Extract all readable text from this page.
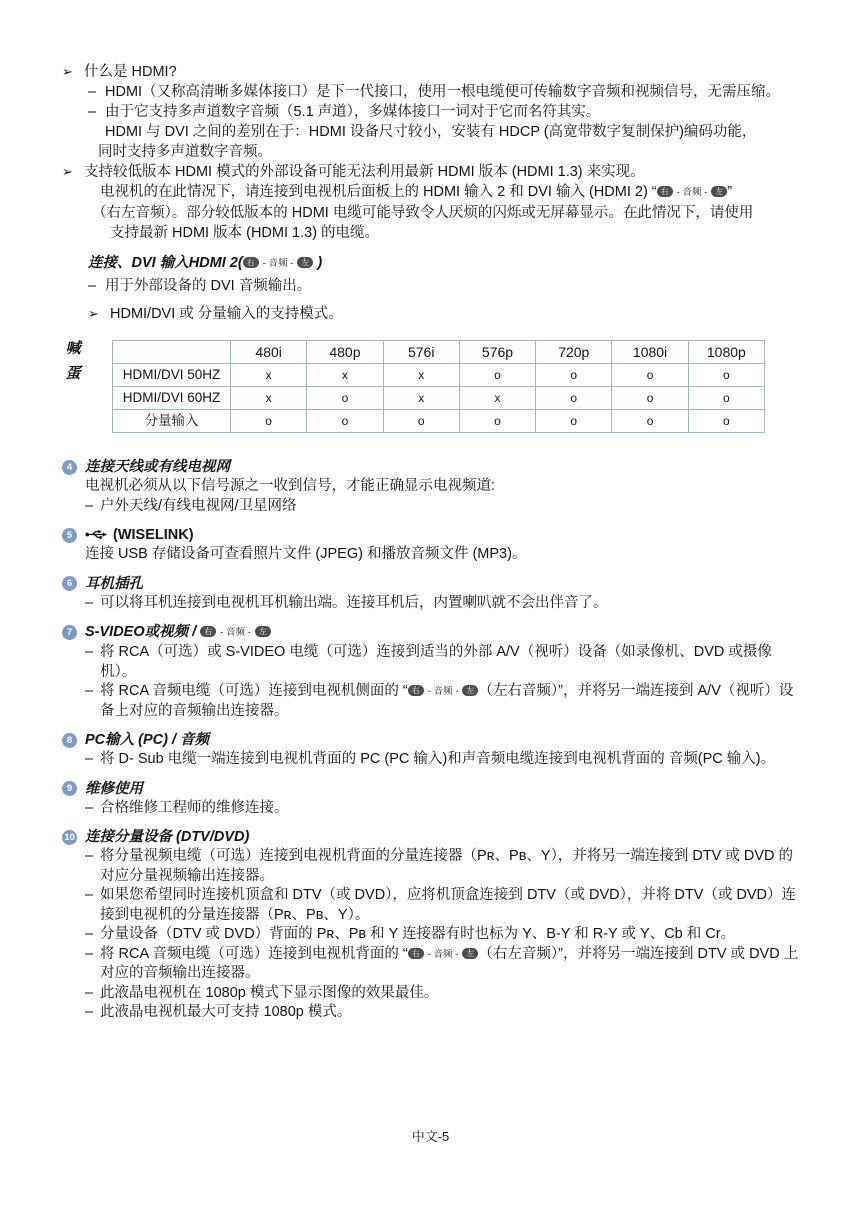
➢ 什么是 HDMI?
– HDMI（又称高清晰多媒体接口）是下一代接口，使用一根电缆便可传输数字音频和视频信号，无需压缩。
– 由于它支持多声道数字音频（5.1 声道），多媒体接口一词对于它而名符其实。
HDMI 与 DVI 之间的差别在于：HDMI 设备尺寸较小，安装有 HDCP (高宽带数字复制保护)编码功能，
同时支持多声道数字音频。
➢ 支持较低版本 HDMI 模式的外部设备可能无法利用最新 HDMI 版本 (HDMI 1.3) 来实现。
电视机的在此情况下，请连接到电视机后面板上的 HDMI 输入 2 和 DVI 输入 (HDMI 2) “ 右 - 音频 - 左 ”
（右左音频）。部分较低版本的 HDMI 电缆可能导致令人厌烦的闪烁或无屏幕显示。在此情况下，请使用
支持最新 HDMI 版本 (HDMI 1.3) 的电缆。
连接、DVI 输入HDMI 2( 右 - 音频 - 左 )
– 用于外部设备的 DVI 音频输出。
➢ HDMI/DVI 或 分量输入的支持模式。
喊
蛋
	480i	480p	576i	576p	720p	1080i	1080p
HDMI/DVI 50HZ	x	x	x	o	o	o	o
HDMI/DVI 60HZ	x	o	x	x	o	o	o
分量输入	o	o	o	o	o	o	o
4 连接天线或有线电视网
电视机必须从以下信号源之一收到信号，才能正确显示电视频道:
– 户外天线/有线电视网/卫星网络
5	(WISELINK)
连接 USB 存储设备可查看照片文件 (JPEG) 和播放音频文件 (MP3)。
6 耳机插孔
– 可以将耳机连接到电视机耳机输出端。连接耳机后，内置喇叭就不会出伴音了。
7 S-VIDEO或视频 / 右 - 音频 - 左
– 将 RCA（可选）或 S-VIDEO 电缆（可选）连接到适当的外部 A/V（视听）设备（如录像机、DVD 或摄像机）。
– 将 RCA 音频电缆（可选）连接到电视机侧面的 “ 右 - 音频 - 左 （左右音频）”，并将另一端连接到 A/V（视听）设备上对应的音频输出连接器。
8 PC输入 (PC) / 音频
– 将 D- Sub 电缆一端连接到电视机背面的 PC (PC 输入)和声音频电缆连接到电视机背面的 音频(PC 输入)。
9 维修使用
– 合格维修工程师的维修连接。
10 连接分量设备 (DTV/DVD)
– 将分量视频电缆（可选）连接到电视机背面的分量连接器（Pʀ、Pʙ、Y），并将另一端连接到 DTV 或 DVD 的对应分量视频输出连接器。
– 如果您希望同时连接机顶盒和 DTV（或 DVD），应将机顶盒连接到 DTV（或 DVD），并将 DTV（或 DVD）连接到电视机的分量连接器（Pʀ、Pʙ、Y）。
– 分量设备（DTV 或 DVD）背面的 Pʀ、Pʙ 和 Y 连接器有时也标为 Y、B-Y 和 R-Y 或 Y、Cb 和 Cr。
– 将 RCA 音频电缆（可选）连接到电视机背面的 “ 右 - 音频 - 左 （右左音频）”，并将另一端连接到 DTV 或 DVD 上对应的音频输出连接器。
– 此液晶电视机在 1080p 模式下显示图像的效果最佳。
– 此液晶电视机最大可支持 1080p 模式。
中文-5
